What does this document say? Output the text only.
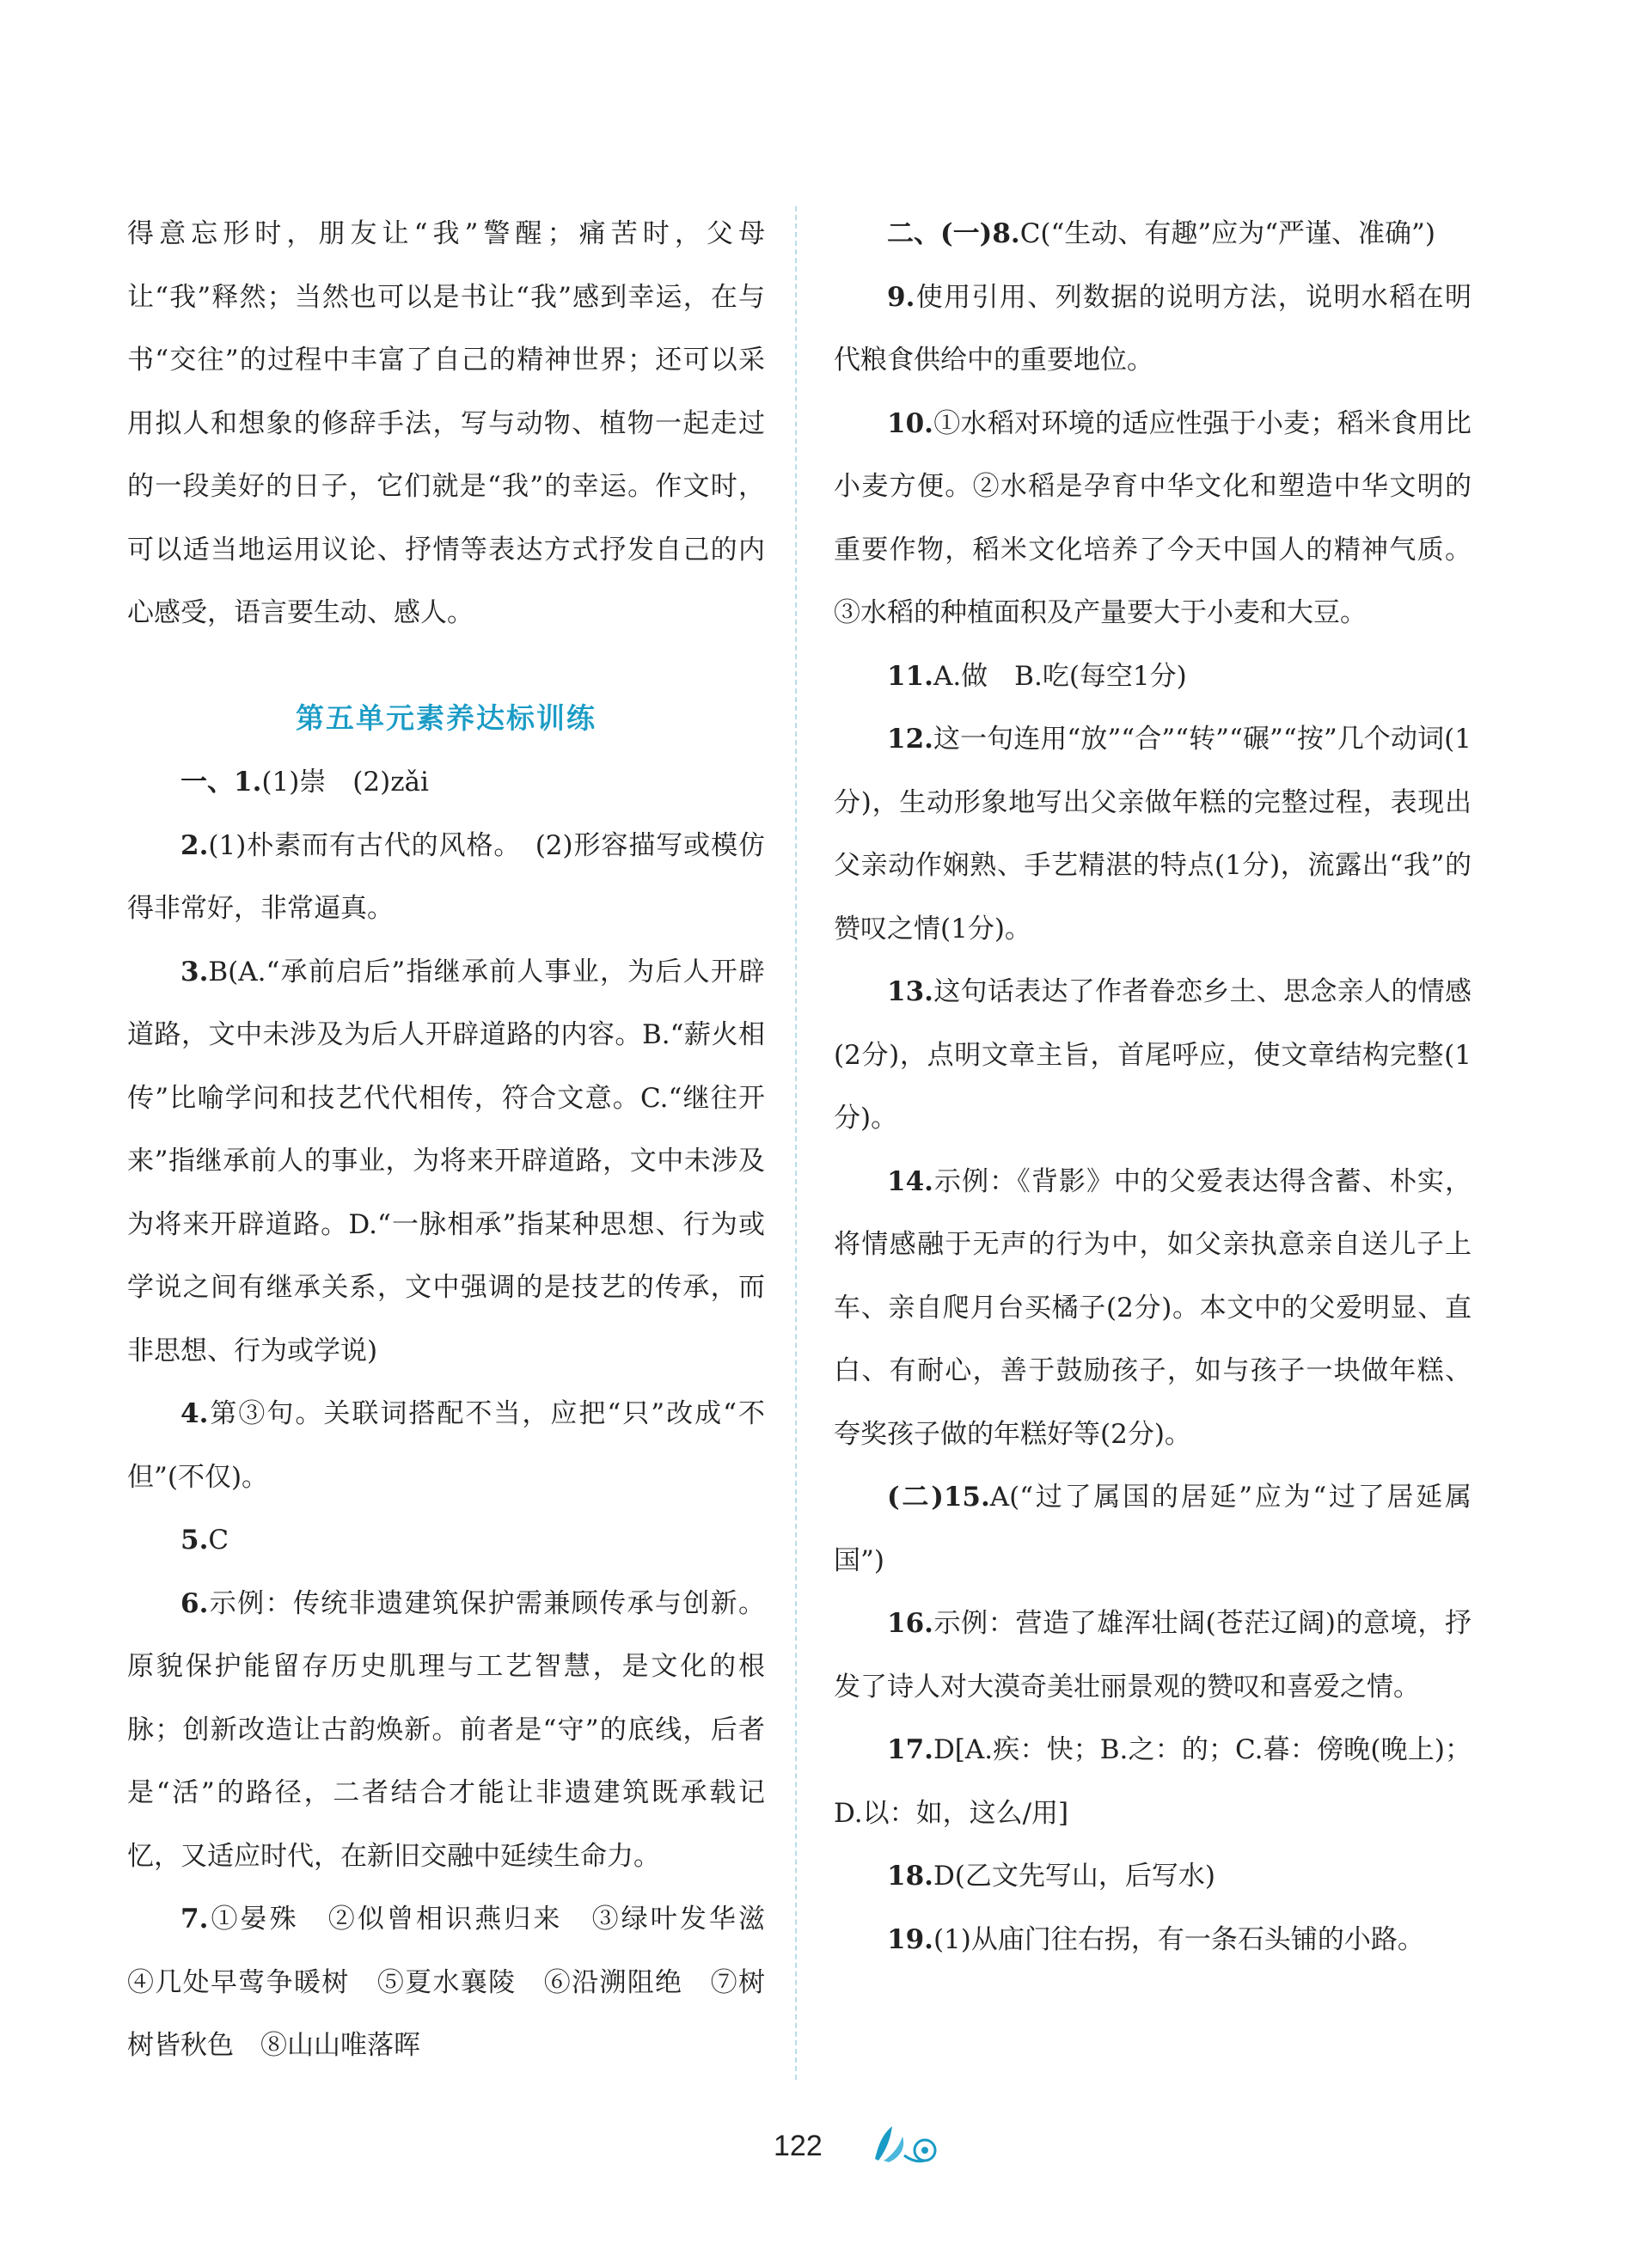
得意忘形时，朋友让“我”警醒；痛苦时，父母让“我”释然；当然也可以是书让“我”感到幸运，在与书“交往”的过程中丰富了自己的精神世界；还可以采用拟人和想象的修辞手法，写与动物、植物一起走过的一段美好的日子，它们就是“我”的幸运。作文时，可以适当地运用议论、抒情等表达方式抒发自己的内心感受，语言要生动、感人。

第五单元素养达标训练

一、1.(1)崇　(2)zǎi

2.(1)朴素而有古代的风格。　(2)形容描写或模仿得非常好，非常逼真。

3.B(A.“承前启后”指继承前人事业，为后人开辟道路，文中未涉及为后人开辟道路的内容。B.“薪火相传”比喻学问和技艺代代相传，符合文意。C.“继往开来”指继承前人的事业，为将来开辟道路，文中未涉及为将来开辟道路。D.“一脉相承”指某种思想、行为或学说之间有继承关系，文中强调的是技艺的传承，而非思想、行为或学说)

4.第③句。关联词搭配不当，应把“只”改成“不但”(不仅)。

5.C

6.示例：传统非遗建筑保护需兼顾传承与创新。原貌保护能留存历史肌理与工艺智慧，是文化的根脉；创新改造让古韵焕新。前者是“守”的底线，后者是“活”的路径，二者结合才能让非遗建筑既承载记忆，又适应时代，在新旧交融中延续生命力。

7.①晏殊　②似曾相识燕归来　③绿叶发华滋　④几处早莺争暖树　⑤夏水襄陵　⑥沿溯阻绝　⑦树树皆秋色　⑧山山唯落晖

二、(一)8.C(“生动、有趣”应为“严谨、准确”)

9.使用引用、列数据的说明方法，说明水稻在明代粮食供给中的重要地位。

10.①水稻对环境的适应性强于小麦；稻米食用比小麦方便。②水稻是孕育中华文化和塑造中华文明的重要作物，稻米文化培养了今天中国人的精神气质。③水稻的种植面积及产量要大于小麦和大豆。

11.A.做　B.吃(每空1分)

12.这一句连用“放”“合”“转”“碾”“按”几个动词(1分)，生动形象地写出父亲做年糕的完整过程，表现出父亲动作娴熟、手艺精湛的特点(1分)，流露出“我”的赞叹之情(1分)。

13.这句话表达了作者眷恋乡土、思念亲人的情感(2分)，点明文章主旨，首尾呼应，使文章结构完整(1分)。

14.示例：《背影》中的父爱表达得含蓄、朴实，将情感融于无声的行为中，如父亲执意亲自送儿子上车、亲自爬月台买橘子(2分)。本文中的父爱明显、直白、有耐心，善于鼓励孩子，如与孩子一块做年糕、夸奖孩子做的年糕好等(2分)。

(二)15.A(“过了属国的居延”应为“过了居延属国”)

16.示例：营造了雄浑壮阔(苍茫辽阔)的意境，抒发了诗人对大漠奇美壮丽景观的赞叹和喜爱之情。

17.D[A.疾：快；B.之：的；C.暮：傍晚(晚上)；D.以：如，这么/用]

18.D(乙文先写山，后写水)

19.(1)从庙门往右拐，有一条石头铺的小路。

122
